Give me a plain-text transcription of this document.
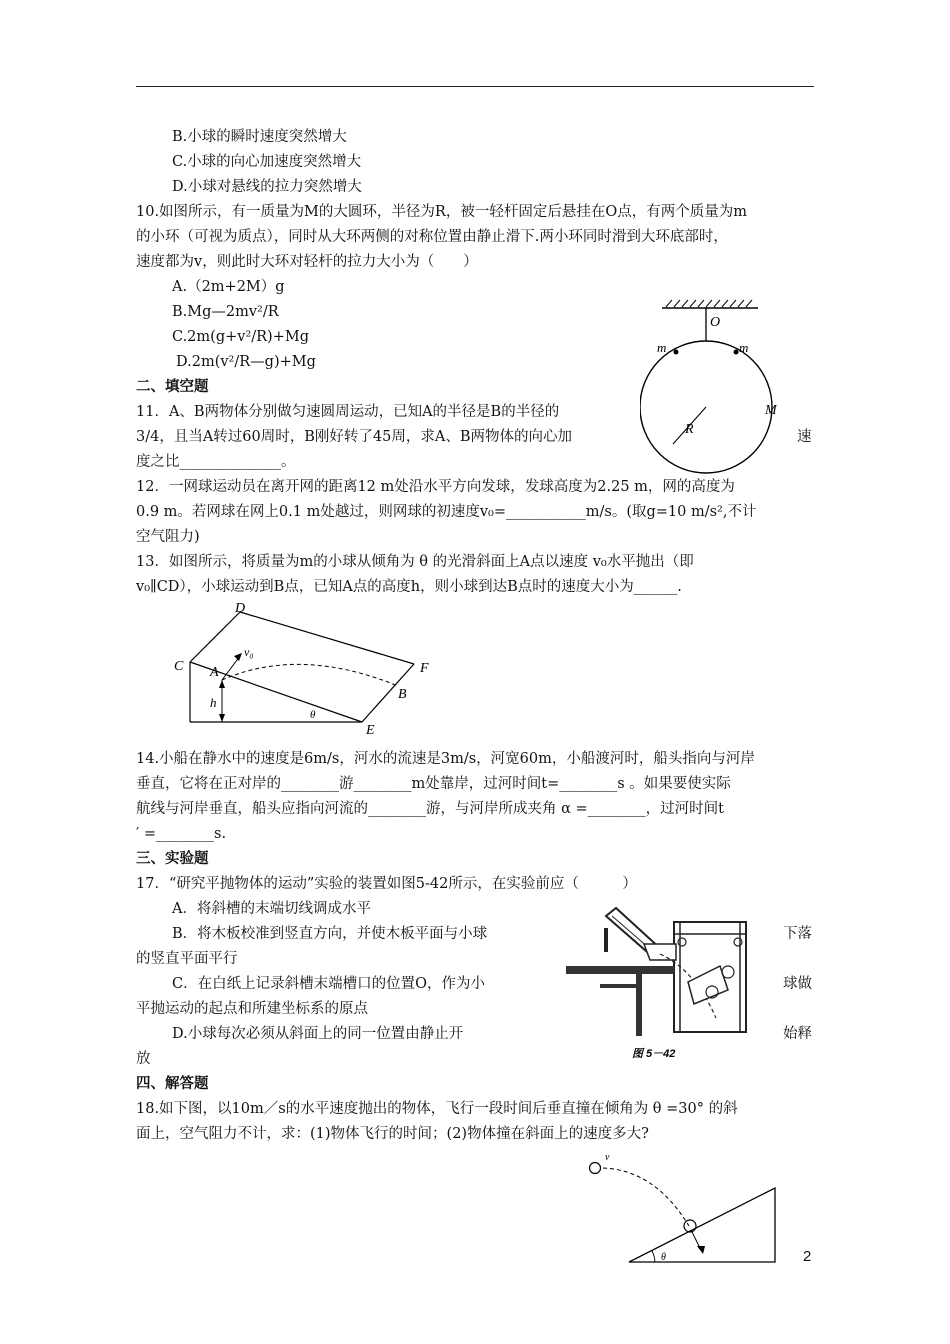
B.小球的瞬时速度突然增大
C.小球的向心加速度突然增大
D.小球对悬线的拉力突然增大
10.如图所示，有一质量为M的大圆环，半径为R，被一轻杆固定后悬挂在O点，有两个质量为m
的小环（可视为质点），同时从大环两侧的对称位置由静止滑下.两小环同时滑到大环底部时，
速度都为v，则此时大环对轻杆的拉力大小为（　　）
A.（2m+2M）g
B.Mg—2mv²/R
C.2m(g+v²/R)+Mg
D.2m(v²/R—g)+Mg
二、填空题
11．A、B两物体分别做匀速圆周运动，已知A的半径是B的半径的
3/4，且当A转过60周时，B刚好转了45周，求A、B两物体的向心加	速
度之比______________。
12．一网球运动员在离开网的距离12 m处沿水平方向发球，发球高度为2.25 m，网的高度为
0.9 m。若网球在网上0.1 m处越过，则网球的初速度v₀=___________m/s。(取g=10 m/s²,不计
空气阻力)
13．如图所示，将质量为m的小球从倾角为 θ 的光滑斜面上A点以速度 v₀水平抛出（即
v₀∥CD），小球运动到B点，已知A点的高度h，则小球到达B点时的速度大小为______.
14.小船在静水中的速度是6m/s，河水的流速是3m/s，河宽60m，小船渡河时，船头指向与河岸
垂直，它将在正对岸的________游________m处靠岸，过河时间t=________s 。如果要使实际
航线与河岸垂直，船头应指向河流的________游，与河岸所成夹角 α =________，过河时间t
′ =________s.
三、实验题
17．“研究平抛物体的运动”实验的装置如图5-42所示，在实验前应（　　　）
A．将斜槽的末端切线调成水平
B．将木板校准到竖直方向，并使木板平面与小球	下落
的竖直平面平行
C．在白纸上记录斜槽末端槽口的位置O，作为小	球做
平抛运动的起点和所建坐标系的原点
D.小球每次必须从斜面上的同一位置由静止开	始释
放
四、解答题
18.如下图，以10m／s的水平速度抛出的物体，飞行一段时间后垂直撞在倾角为 θ =30° 的斜
面上，空气阻力不计，求：(1)物体飞行的时间；(2)物体撞在斜面上的速度多大?
O
m	m
M
R
D
C A
v₀
F
B
h
θ
E
图 5－42
v
θ	2
